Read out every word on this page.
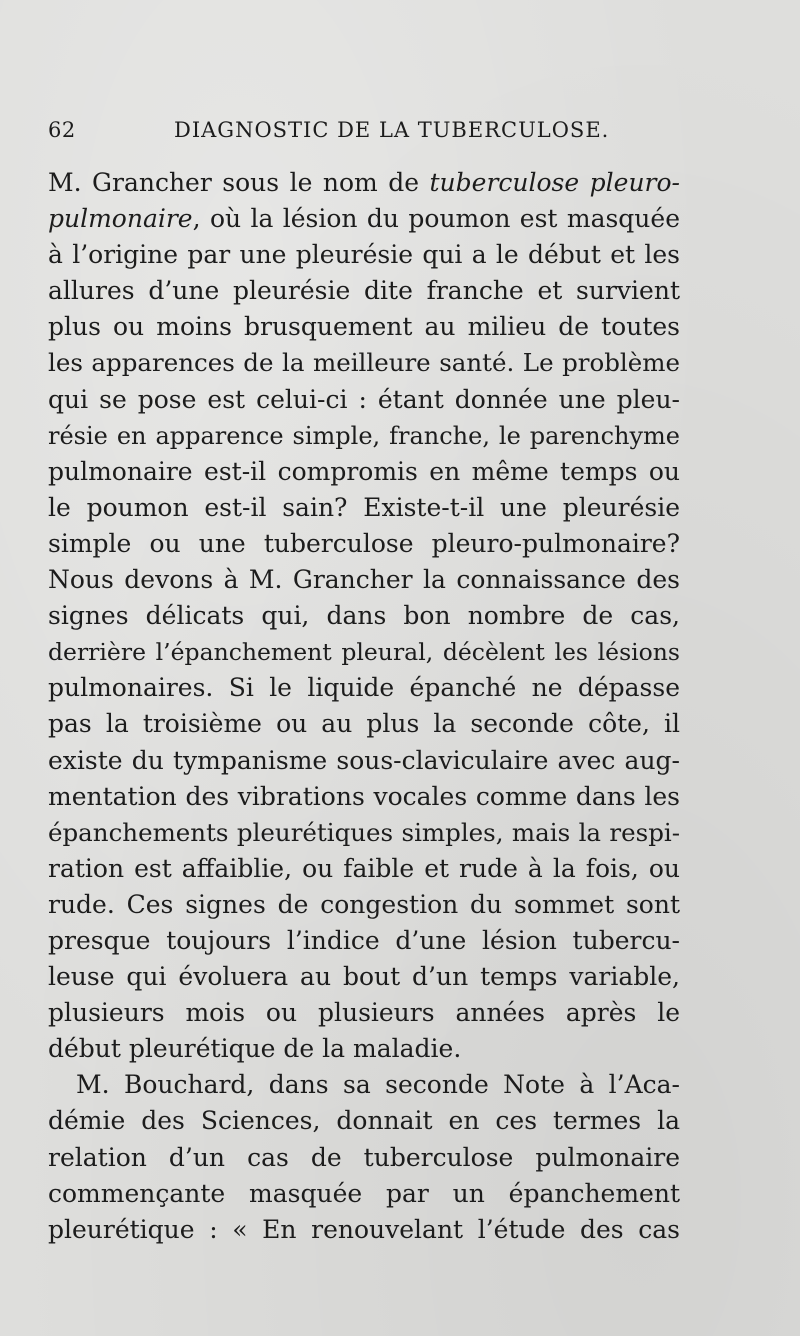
62	DIAGNOSTIC DE LA TUBERCULOSE.
M. Grancher sous le nom de tuberculose pleuro-
pulmonaire, où la lésion du poumon est masquée
à l’origine par une pleurésie qui a le début et les
allures d’une pleurésie dite franche et survient
plus ou moins brusquement au milieu de toutes
les apparences de la meilleure santé. Le problème
qui se pose est celui-ci : étant donnée une pleu-
résie en apparence simple, franche, le parenchyme
pulmonaire est-il compromis en même temps ou
le poumon est-il sain? Existe-t-il une pleurésie
simple ou une tuberculose pleuro-pulmonaire?
Nous devons à M. Grancher la connaissance des
signes délicats qui, dans bon nombre de cas,
derrière l’épanchement pleural, décèlent les lésions
pulmonaires. Si le liquide épanché ne dépasse
pas la troisième ou au plus la seconde côte, il
existe du tympanisme sous-claviculaire avec aug-
mentation des vibrations vocales comme dans les
épanchements pleurétiques simples, mais la respi-
ration est affaiblie, ou faible et rude à la fois, ou
rude. Ces signes de congestion du sommet sont
presque toujours l’indice d’une lésion tubercu-
leuse qui évoluera au bout d’un temps variable,
plusieurs mois ou plusieurs années après le
début pleurétique de la maladie.
M. Bouchard, dans sa seconde Note à l’Aca-
démie des Sciences, donnait en ces termes la
relation d’un cas de tuberculose pulmonaire
commençante masquée par un épanchement
pleurétique : « En renouvelant l’étude des cas
